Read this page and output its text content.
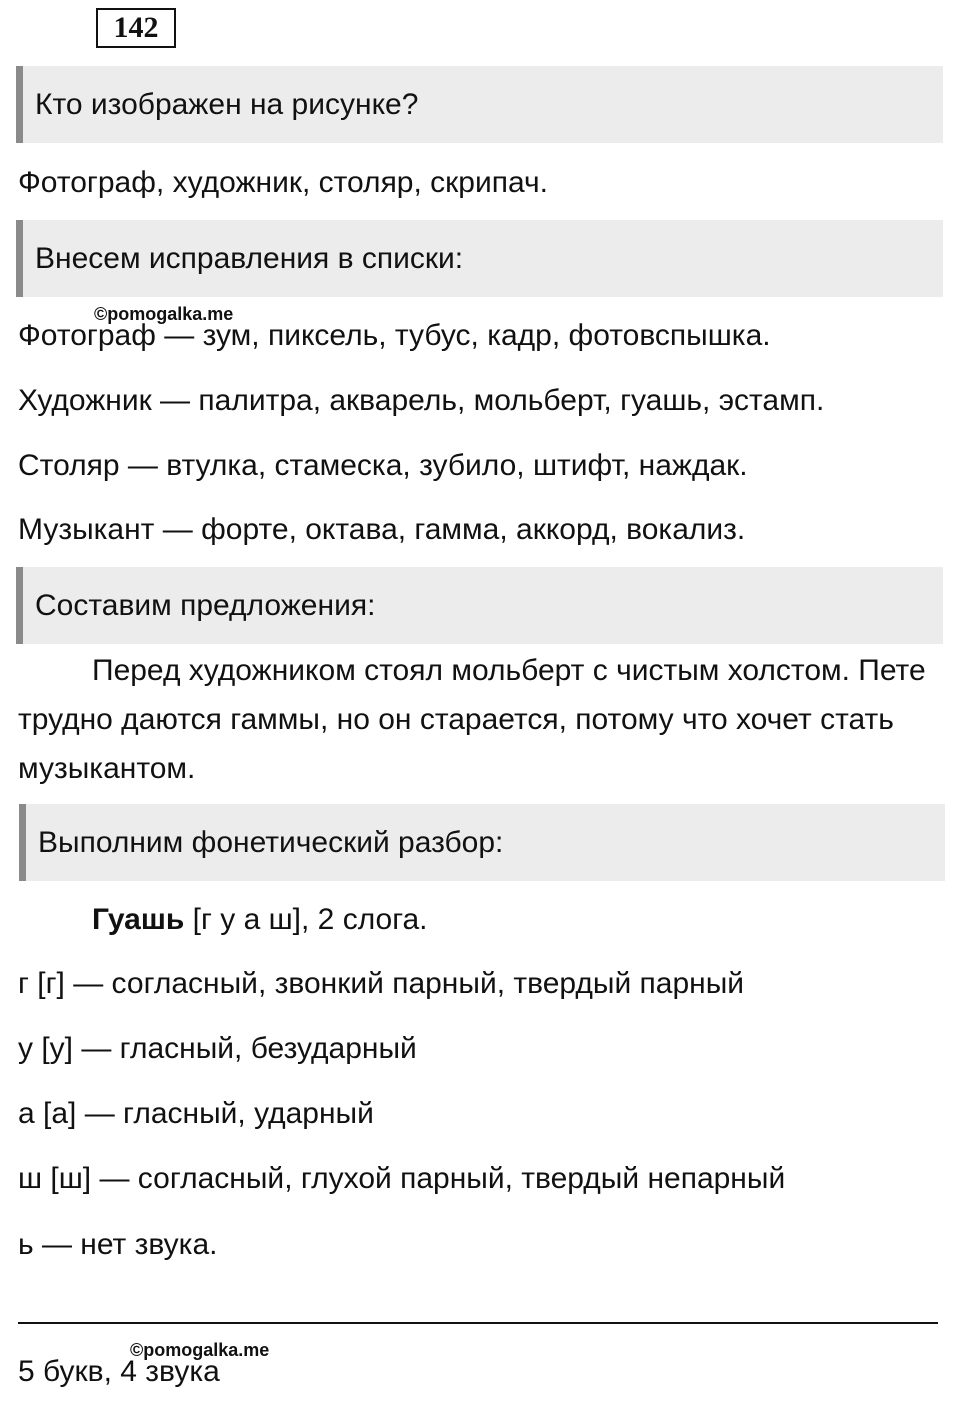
142
Кто изображен на рисунке?
Фотограф, художник, столяр, скрипач.
Внесем исправления в списки:
©pomogalka.me
Фотограф — зум, пиксель, тубус, кадр, фотовспышка.
Художник — палитра, акварель, мольберт, гуашь, эстамп.
Столяр — втулка, стамеска, зубило, штифт, наждак.
Музыкант — форте, октава, гамма, аккорд, вокализ.
Составим предложения:
Перед художником стоял мольберт с чистым холстом. Пете трудно даются гаммы, но он старается, потому что хочет стать музыкантом.
Выполним фонетический разбор:
Гуашь [г у а ш], 2 слога.
г [г] — согласный, звонкий парный, твердый парный
у [у] — гласный, безударный
а [а] — гласный, ударный
ш [ш] — согласный, глухой парный, твердый непарный
ь — нет звука.
©pomogalka.me
5 букв, 4 звука
